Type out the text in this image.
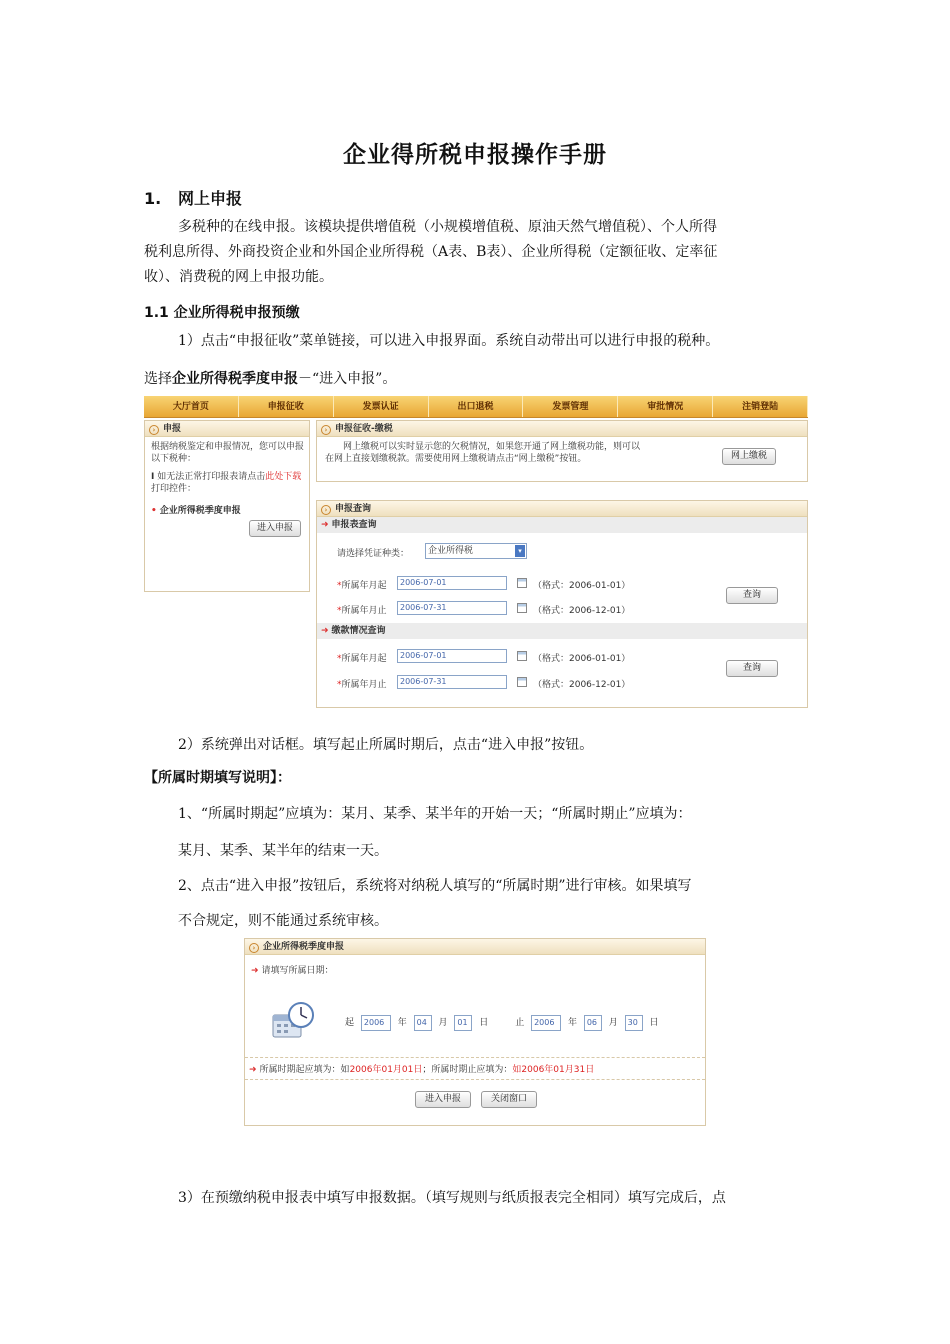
企业得所税申报操作手册
1. 网上申报
多税种的在线申报。该模块提供增值税（小规模增值税、原油天然气增值税）、个人所得
税利息所得、外商投资企业和外国企业所得税（A表、B表）、企业所得税（定额征收、定率征
收）、消费税的网上申报功能。
1.1 企业所得税申报预缴
1）点击“申报征收”菜单链接，可以进入申报界面。系统自动带出可以进行申报的税种。
选择企业所得税季度申报－“进入申报”。
大厅首页	申报征收	发票认证	出口退税	发票管理	审批情况	注销登陆
› 申报
根据纳税鉴定和申报情况，您可以申报以下税种：
I 如无法正常打印报表请点击此处下载打印控件：
• 企业所得税季度申报
进入申报
› 申报征收-缴税
网上缴税可以实时显示您的欠税情况，如果您开通了网上缴税功能，则可以
在网上直接划缴税款。需要使用网上缴税请点击“网上缴税”按钮。	网上缴税
› 申报查询
➜ 申报表查询
请选择凭证种类：	企业所得税	▾
*所属年月起	2006-07-01	（格式：2006-01-01）
*所属年月止	2006-07-31	（格式：2006-12-01）
查询
➜ 缴款情况查询
*所属年月起	2006-07-01	（格式：2006-01-01）
*所属年月止	2006-07-31	（格式：2006-12-01）
查询
2）系统弹出对话框。填写起止所属时期后，点击“进入申报”按钮。
【所属时期填写说明】：
1、“所属时期起”应填为：某月、某季、某半年的开始一天；“所属时期止”应填为：
某月、某季、某半年的结束一天。
2、点击“进入申报”按钮后，系统将对纳税人填写的“所属时期”进行审核。如果填写
不合规定，则不能通过系统审核。
› 企业所得税季度申报
➜ 请填写所属日期：
起 2006 年 04 月 01 日	止 2006 年 06 月 30 日
➜ 所属时期起应填为：如2006年01月01日；所属时期止应填为：如2006年01月31日
进入申报	关闭窗口
3）在预缴纳税申报表中填写申报数据。（填写规则与纸质报表完全相同）填写完成后，点
